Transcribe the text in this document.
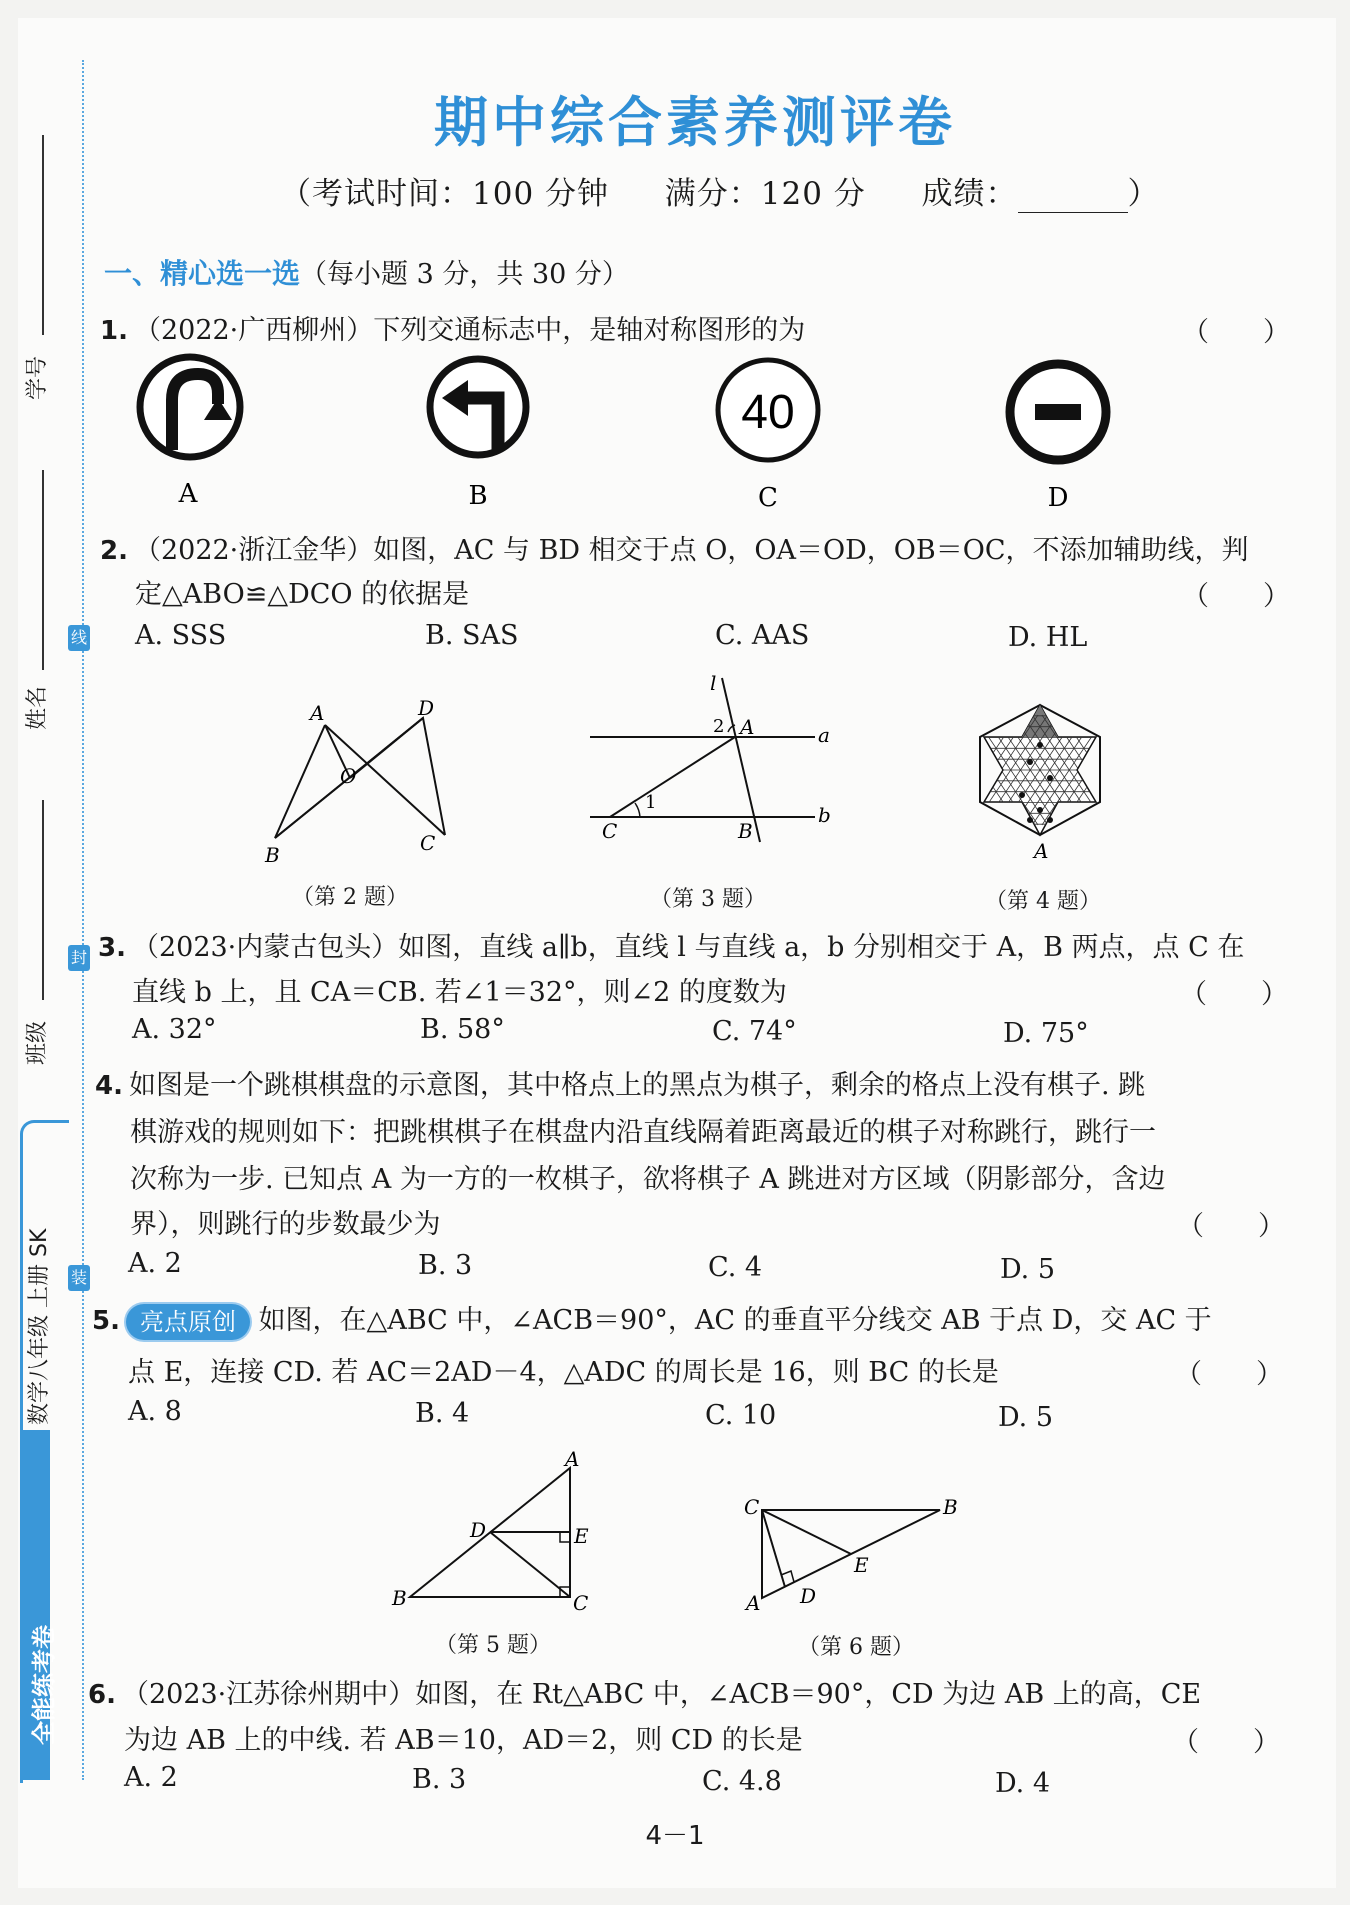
学号
姓名
班级
线
封
装
数学八年级 上册 SK
全能练考卷
期中综合素养测评卷
（考试时间：100 分钟 满分：120 分 成绩：	）
一、精心选一选（每小题 3 分，共 30 分）
1. （2022·广西柳州）下列交通标志中，是轴对称图形的为	（　　）
40
A	B	C	D
2. （2022·浙江金华）如图，AC 与 BD 相交于点 O，OA＝OD，OB＝OC，不添加辅助线，判
定△ABO≌△DCO 的依据是	（　　）
A. SSS	B. SAS	C. AAS	D. HL
A	D
O
B	C
l
2 A	a
1
C	B
b
A
（第 2 题）	（第 3 题）	（第 4 题）
3. （2023·内蒙古包头）如图，直线 a∥b，直线 l 与直线 a，b 分别相交于 A，B 两点，点 C 在
直线 b 上，且 CA＝CB. 若∠1＝32°，则∠2 的度数为	（　　）
A. 32°	B. 58°	C. 74°	D. 75°
4. 如图是一个跳棋棋盘的示意图，其中格点上的黑点为棋子，剩余的格点上没有棋子. 跳
棋游戏的规则如下：把跳棋棋子在棋盘内沿直线隔着距离最近的棋子对称跳行，跳行一
次称为一步. 已知点 A 为一方的一枚棋子，欲将棋子 A 跳进对方区域（阴影部分，含边
界），则跳行的步数最少为	（　　）
A. 2	B. 3	C. 4	D. 5
5. 亮点原创 如图，在△ABC 中，∠ACB＝90°，AC 的垂直平分线交 AB 于点 D，交 AC 于
点 E，连接 CD. 若 AC＝2AD－4，△ADC 的周长是 16，则 BC 的长是	（　　）
A. 8	B. 4	C. 10	D. 5
A
D	E
B	C
C	B
E
A D
（第 5 题）	（第 6 题）
6. （2023·江苏徐州期中）如图，在 Rt△ABC 中，∠ACB＝90°，CD 为边 AB 上的高，CE
为边 AB 上的中线. 若 AB＝10，AD＝2，则 CD 的长是	（　　）
A. 2	B. 3	C. 4.8	D. 4
4－1
